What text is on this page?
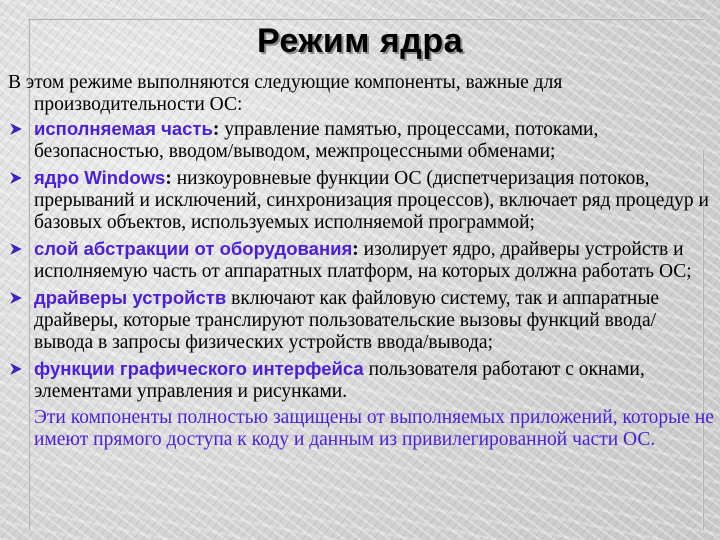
Режим ядра

В этом режиме выполняются следующие компоненты, важные для производительности ОС:

исполняемая часть: управление памятью, процессами, потоками, безопасностью, вводом/выводом, межпроцессными обменами;
ядро Windows: низкоуровневые функции ОС (диспетчеризация потоков, прерываний и исключений, синхронизация процессов), включает ряд процедур и базовых объектов, используемых исполняемой программой;
слой абстракции от оборудования: изолирует ядро, драйверы устройств и исполняемую часть от аппаратных платформ, на которых должна работать ОС;
драйверы устройств включают как файловую систему, так и аппаратные драйверы, которые транслируют пользовательские вызовы функций ввода/вывода в запросы физических устройств ввода/вывода;
функции графического интерфейса пользователя работают с окнами, элементами управления и рисунками.

Эти компоненты полностью защищены от выполняемых приложений, которые не имеют прямого доступа к коду и данным из привилегированной части ОС.
